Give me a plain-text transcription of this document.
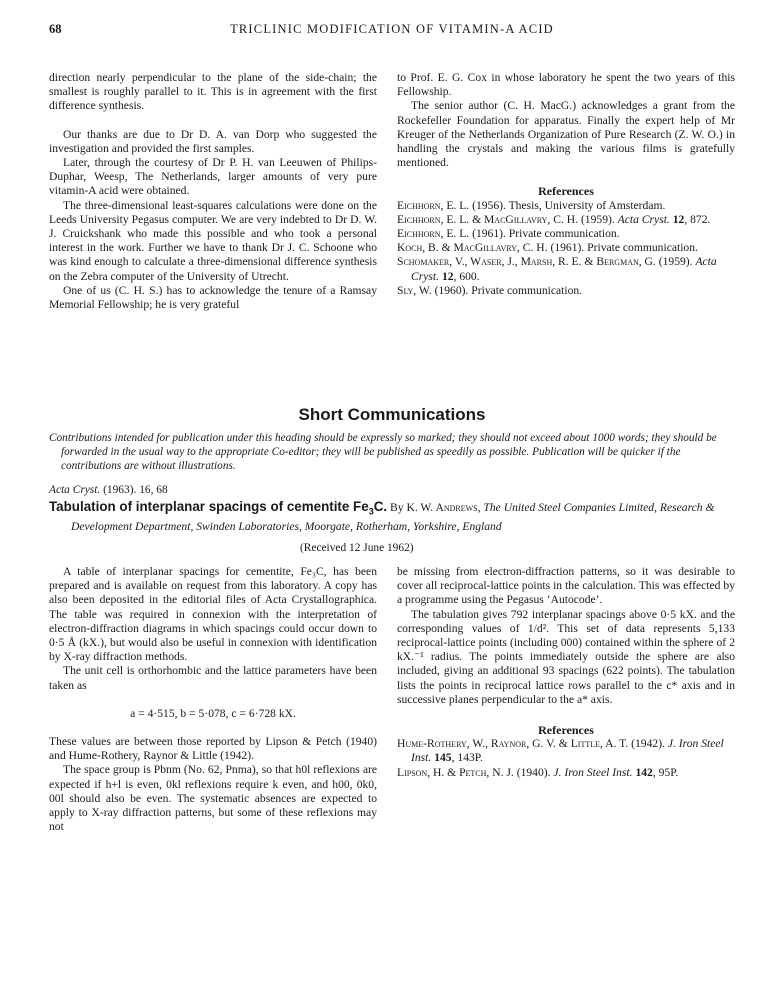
68	TRICLINIC MODIFICATION OF VITAMIN-A ACID

direction nearly perpendicular to the plane of the side-chain; the smallest is roughly parallel to it. This is in agreement with the first difference synthesis.

Our thanks are due to Dr D. A. van Dorp who suggested the investigation and provided the first samples.

Later, through the courtesy of Dr P. H. van Leeuwen of Philips-Duphar, Weesp, The Netherlands, larger amounts of very pure vitamin-A acid were obtained.

The three-dimensional least-squares calculations were done on the Leeds University Pegasus computer. We are very indebted to Dr D. W. J. Cruickshank who made this possible and who took a personal interest in the work. Further we have to thank Dr J. C. Schoone who was kind enough to calculate a three-dimensional difference synthesis on the Zebra computer of the University of Utrecht.

One of us (C. H. S.) has to acknowledge the tenure of a Ramsay Memorial Fellowship; he is very grateful

to Prof. E. G. Cox in whose laboratory he spent the two years of this Fellowship.

The senior author (C. H. MacG.) acknowledges a grant from the Rockefeller Foundation for apparatus. Finally the expert help of Mr Kreuger of the Netherlands Organization of Pure Research (Z. W. O.) in handling the crystals and making the various films is gratefully mentioned.

References

Eichhorn, E. L. (1956). Thesis, University of Amsterdam.

Eichhorn, E. L. & MacGillavry, C. H. (1959). Acta Cryst. 12, 872.

Eichhorn, E. L. (1961). Private communication.

Koch, B. & MacGillavry, C. H. (1961). Private communication.

Schomaker, V., Waser, J., Marsh, R. E. & Bergman, G. (1959). Acta Cryst. 12, 600.

Sly, W. (1960). Private communication.

Short Communications
Contributions intended for publication under this heading should be expressly so marked; they should not exceed about 1000 words; they should be forwarded in the usual way to the appropriate Co-editor; they will be published as speedily as possible. Publication will be quicker if the contributions are without illustrations.
Acta Cryst. (1963). 16, 68
Tabulation of interplanar spacings of cementite $Fe_3C$. By K. W. Andrews, The United Steel Companies Limited, Research & Development Department, Swinden Laboratories, Moorgate, Rotherham, Yorkshire, England
(Received 12 June 1962)

A table of interplanar spacings for cementite, Fe₃C, has been prepared and is available on request from this laboratory. A copy has also been deposited in the editorial files of Acta Crystallographica. The table was required in connexion with the interpretation of electron-diffraction diagrams in which spacings could occur down to 0·5 Å (kX.), but would also be useful in connexion with identification by X-ray diffraction methods.

The unit cell is orthorhombic and the lattice parameters have been taken as

a = 4·515, b = 5·078, c = 6·728 kX.

These values are between those reported by Lipson & Petch (1940) and Hume-Rothery, Raynor & Little (1942).

The space group is Pbnm (No. 62, Pnma), so that h0l reflexions are expected if h+l is even, 0kl reflexions require k even, and h00, 0k0, 00l should also be even. The systematic absences are expected to apply to X-ray diffraction patterns, but some of these reflexions may not

be missing from electron-diffraction patterns, so it was desirable to cover all reciprocal-lattice points in the calculation. This was effected by a programme using the Pegasus ‘Autocode’.

The tabulation gives 792 interplanar spacings above 0·5 kX. and the corresponding values of 1/d². This set of data represents 5,133 reciprocal-lattice points (including 000) contained within the sphere of 2 kX.⁻¹ radius. The points immediately outside the sphere are also included, giving an additional 93 spacings (622 points). The tabulation lists the points in reciprocal lattice rows parallel to the c* axis and in successive planes perpendicular to the a* axis.

References

Hume-Rothery, W., Raynor, G. V. & Little, A. T. (1942). J. Iron Steel Inst. 145, 143P.

Lipson, H. & Petch, N. J. (1940). J. Iron Steel Inst. 142, 95P.
